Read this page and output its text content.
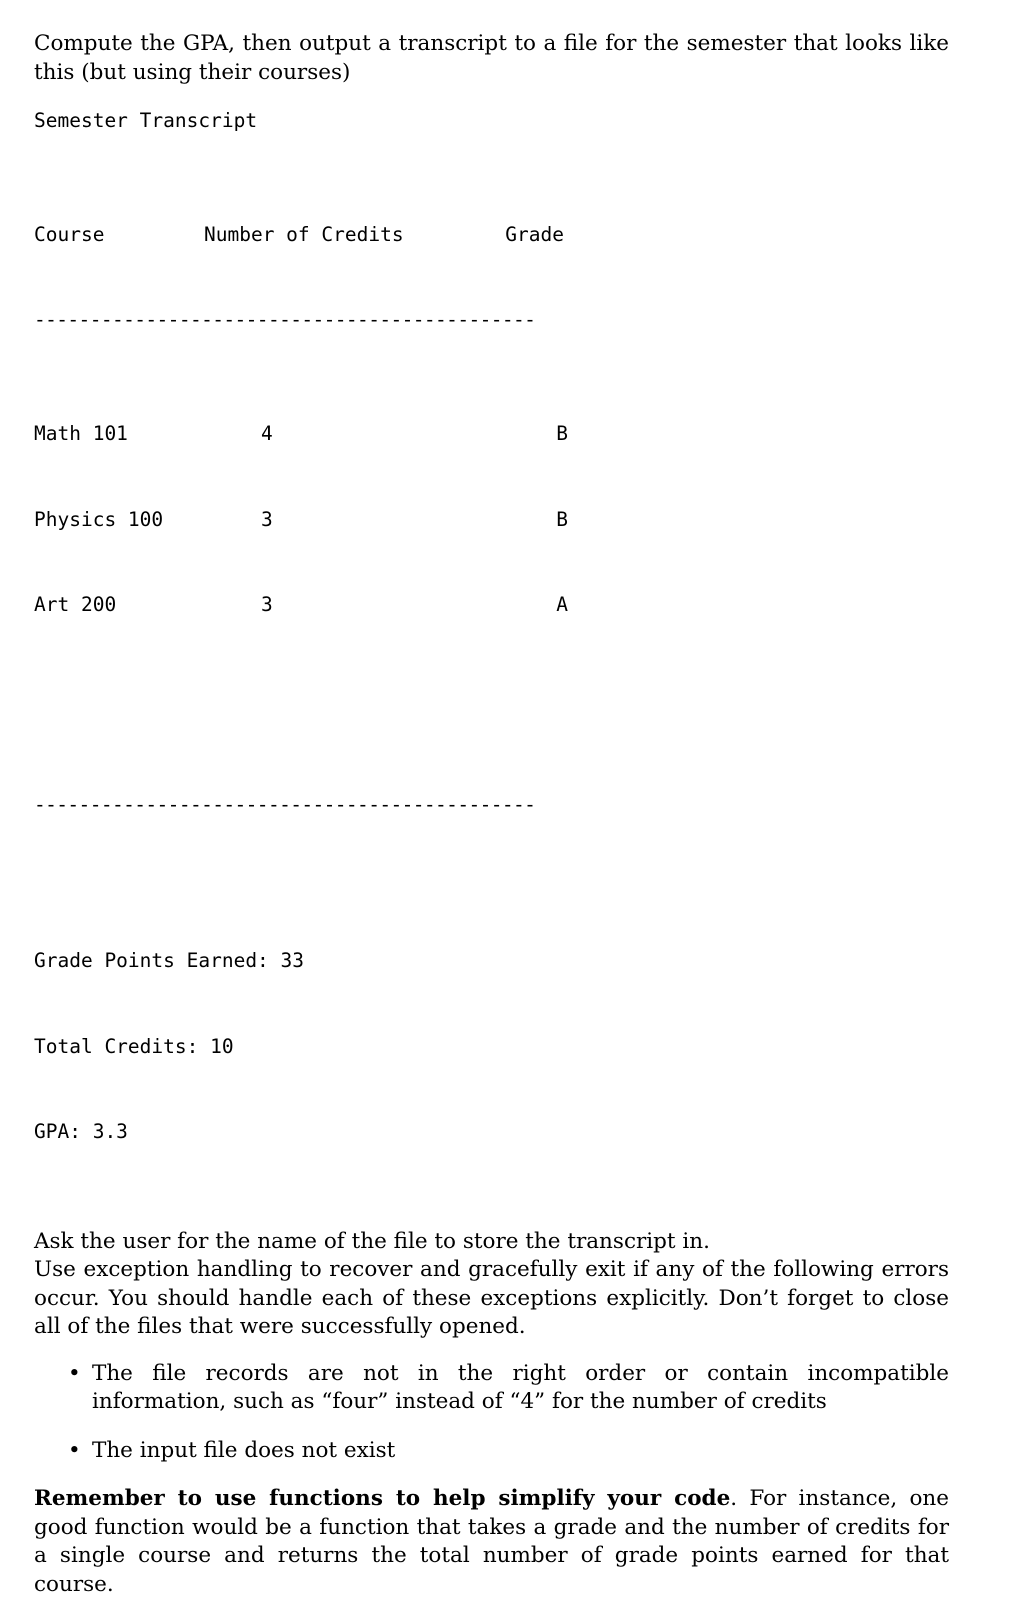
Compute the GPA, then output a transcript to a file for the semester that looks like this (but using their courses)

Semester Transcript

Course	Number of Credits	Grade

---------------------------------------------

Math 101	4	B

Physics 100	3	B

Art 200	3	A

---------------------------------------------

Grade Points Earned: 33

Total Credits: 10

GPA: 3.3

Ask the user for the name of the file to store the transcript in.

Use exception handling to recover and gracefully exit if any of the following errors occur. You should handle each of these exceptions explicitly. Don’t forget to close all of the files that were successfully opened.

• The file records are not in the right order or contain incompatible information, such as “four” instead of “4” for the number of credits
• The input file does not exist

Remember to use functions to help simplify your code. For instance, one good function would be a function that takes a grade and the number of credits for a single course and returns the total number of grade points earned for that course.
